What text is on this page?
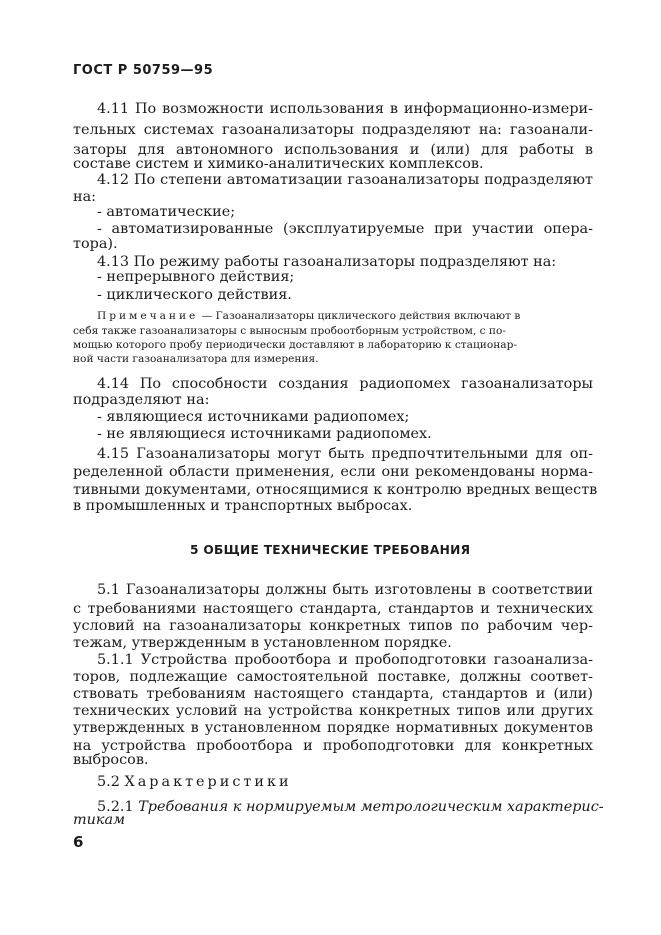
ГОСТ Р 50759—95
4.11 По возможности использования в информационно-измери-
тельных системах газоанализаторы подразделяют на: газоанали-
заторы для автономного использования и (или) для работы в
составе систем и химико-аналитических комплексов.
4.12 По степени автоматизации газоанализаторы подразделяют
на:
- автоматические;
- автоматизированные (эксплуатируемые при участии опера-
тора).
4.13 По режиму работы газоанализаторы подразделяют на:
- непрерывного действия;
- циклического действия.
Примечание — Газоанализаторы циклического действия включают в
себя также газоанализаторы с выносным пробоотборным устройством, с по-
мощью которого пробу периодически доставляют в лабораторию к стационар-
ной части газоанализатора для измерения.
4.14 По способности создания радиопомех газоанализаторы
подразделяют на:
- являющиеся источниками радиопомех;
- не являющиеся источниками радиопомех.
4.15 Газоанализаторы могут быть предпочтительными для оп-
ределенной области применения, если они рекомендованы норма-
тивными документами, относящимися к контролю вредных веществ
в промышленных и транспортных выбросах.
5 ОБЩИЕ ТЕХНИЧЕСКИЕ ТРЕБОВАНИЯ
5.1 Газоанализаторы должны быть изготовлены в соответствии
с требованиями настоящего стандарта, стандартов и технических
условий на газоанализаторы конкретных типов по рабочим чер-
тежам, утвержденным в установленном порядке.
5.1.1 Устройства пробоотбора и пробоподготовки газоанализа-
торов, подлежащие самостоятельной поставке, должны соответ-
ствовать требованиям настоящего стандарта, стандартов и (или)
технических условий на устройства конкретных типов или других
утвержденных в установленном порядке нормативных документов
на устройства пробоотбора и пробоподготовки для конкретных
выбросов.
5.2 Характеристики
5.2.1 Требования к нормируемым метрологическим характерис-
тикам
6
